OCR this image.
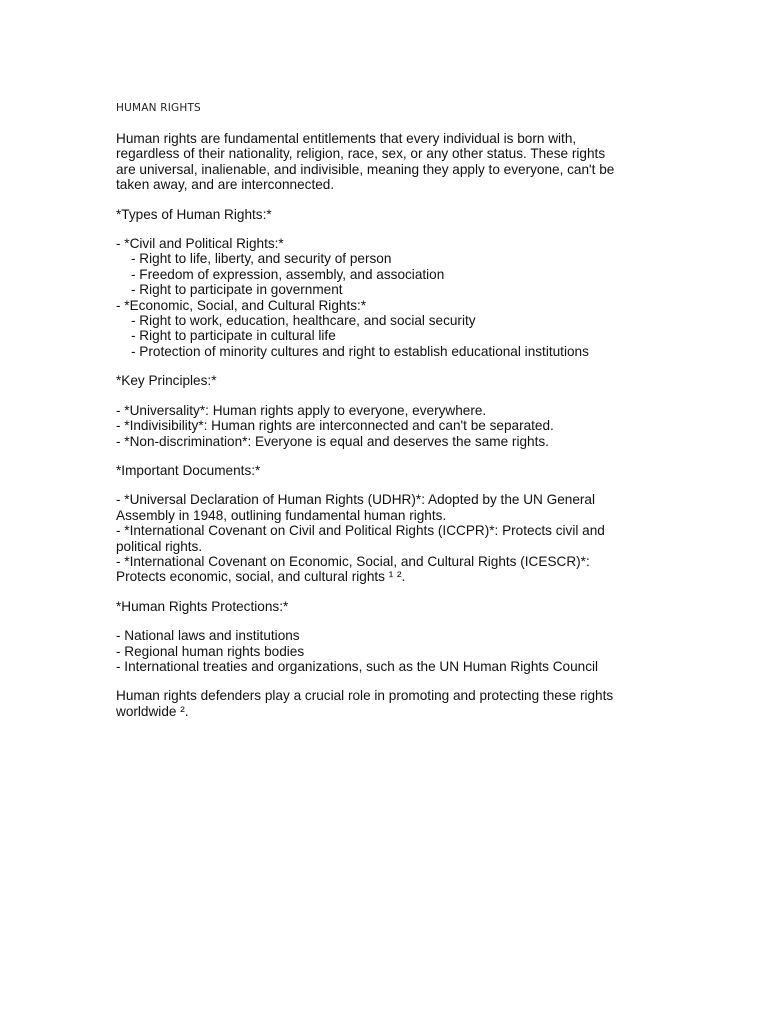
HUMAN RIGHTS
Human rights are fundamental entitlements that every individual is born with,
regardless of their nationality, religion, race, sex, or any other status. These rights
are universal, inalienable, and indivisible, meaning they apply to everyone, can't be
taken away, and are interconnected.
*Types of Human Rights:*
- *Civil and Political Rights:*
- Right to life, liberty, and security of person
- Freedom of expression, assembly, and association
- Right to participate in government
- *Economic, Social, and Cultural Rights:*
- Right to work, education, healthcare, and social security
- Right to participate in cultural life
- Protection of minority cultures and right to establish educational institutions
*Key Principles:*
- *Universality*: Human rights apply to everyone, everywhere.
- *Indivisibility*: Human rights are interconnected and can't be separated.
- *Non-discrimination*: Everyone is equal and deserves the same rights.
*Important Documents:*
- *Universal Declaration of Human Rights (UDHR)*: Adopted by the UN General
Assembly in 1948, outlining fundamental human rights.
- *International Covenant on Civil and Political Rights (ICCPR)*: Protects civil and
political rights.
- *International Covenant on Economic, Social, and Cultural Rights (ICESCR)*:
Protects economic, social, and cultural rights ¹ ².
*Human Rights Protections:*
- National laws and institutions
- Regional human rights bodies
- International treaties and organizations, such as the UN Human Rights Council
Human rights defenders play a crucial role in promoting and protecting these rights
worldwide ².
